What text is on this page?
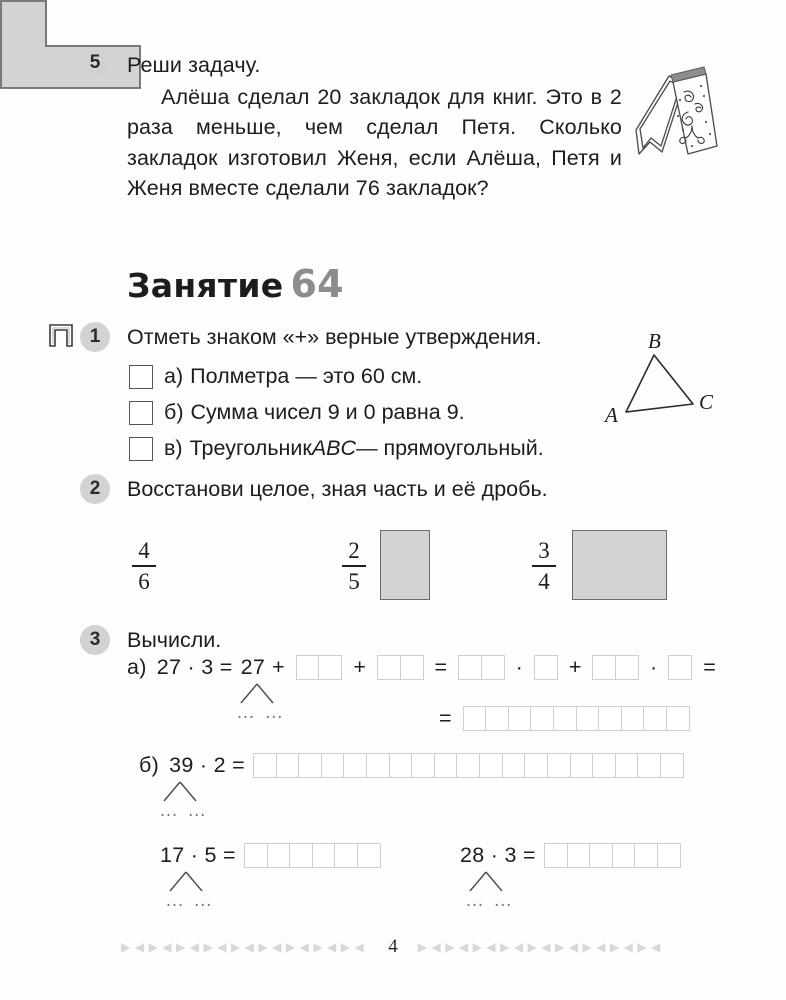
5	Реши задачу.
Алёша сделал 20 закладок для книг. Это в 2 раза меньше, чем сделал Петя. Сколько закладок изготовил Женя, если Алёша, Петя и Женя вместе сделали 76 закладок?
Занятие 64
1	Отметь знаком «+» верные утверждения.
а) Полметра — это 60 см.
б) Сумма чисел 9 и 0 равна 9.
в) Треугольник ABC — прямоугольный.
B
A
C
2	Восстанови целое, зная часть и её дробь.
4
6
2
5
3
4
3	Вычисли.
а) 27 · 3 = 27 +	+	=	· +	· =
… …	=
б) 39 · 2 =
… …
17 · 5 =
… …
28 · 3 =
… …
▶◀▶◀▶◀▶◀▶◀▶◀▶◀▶◀▶◀ 4 ▶◀▶◀▶◀▶◀▶◀▶◀▶◀▶◀▶◀
